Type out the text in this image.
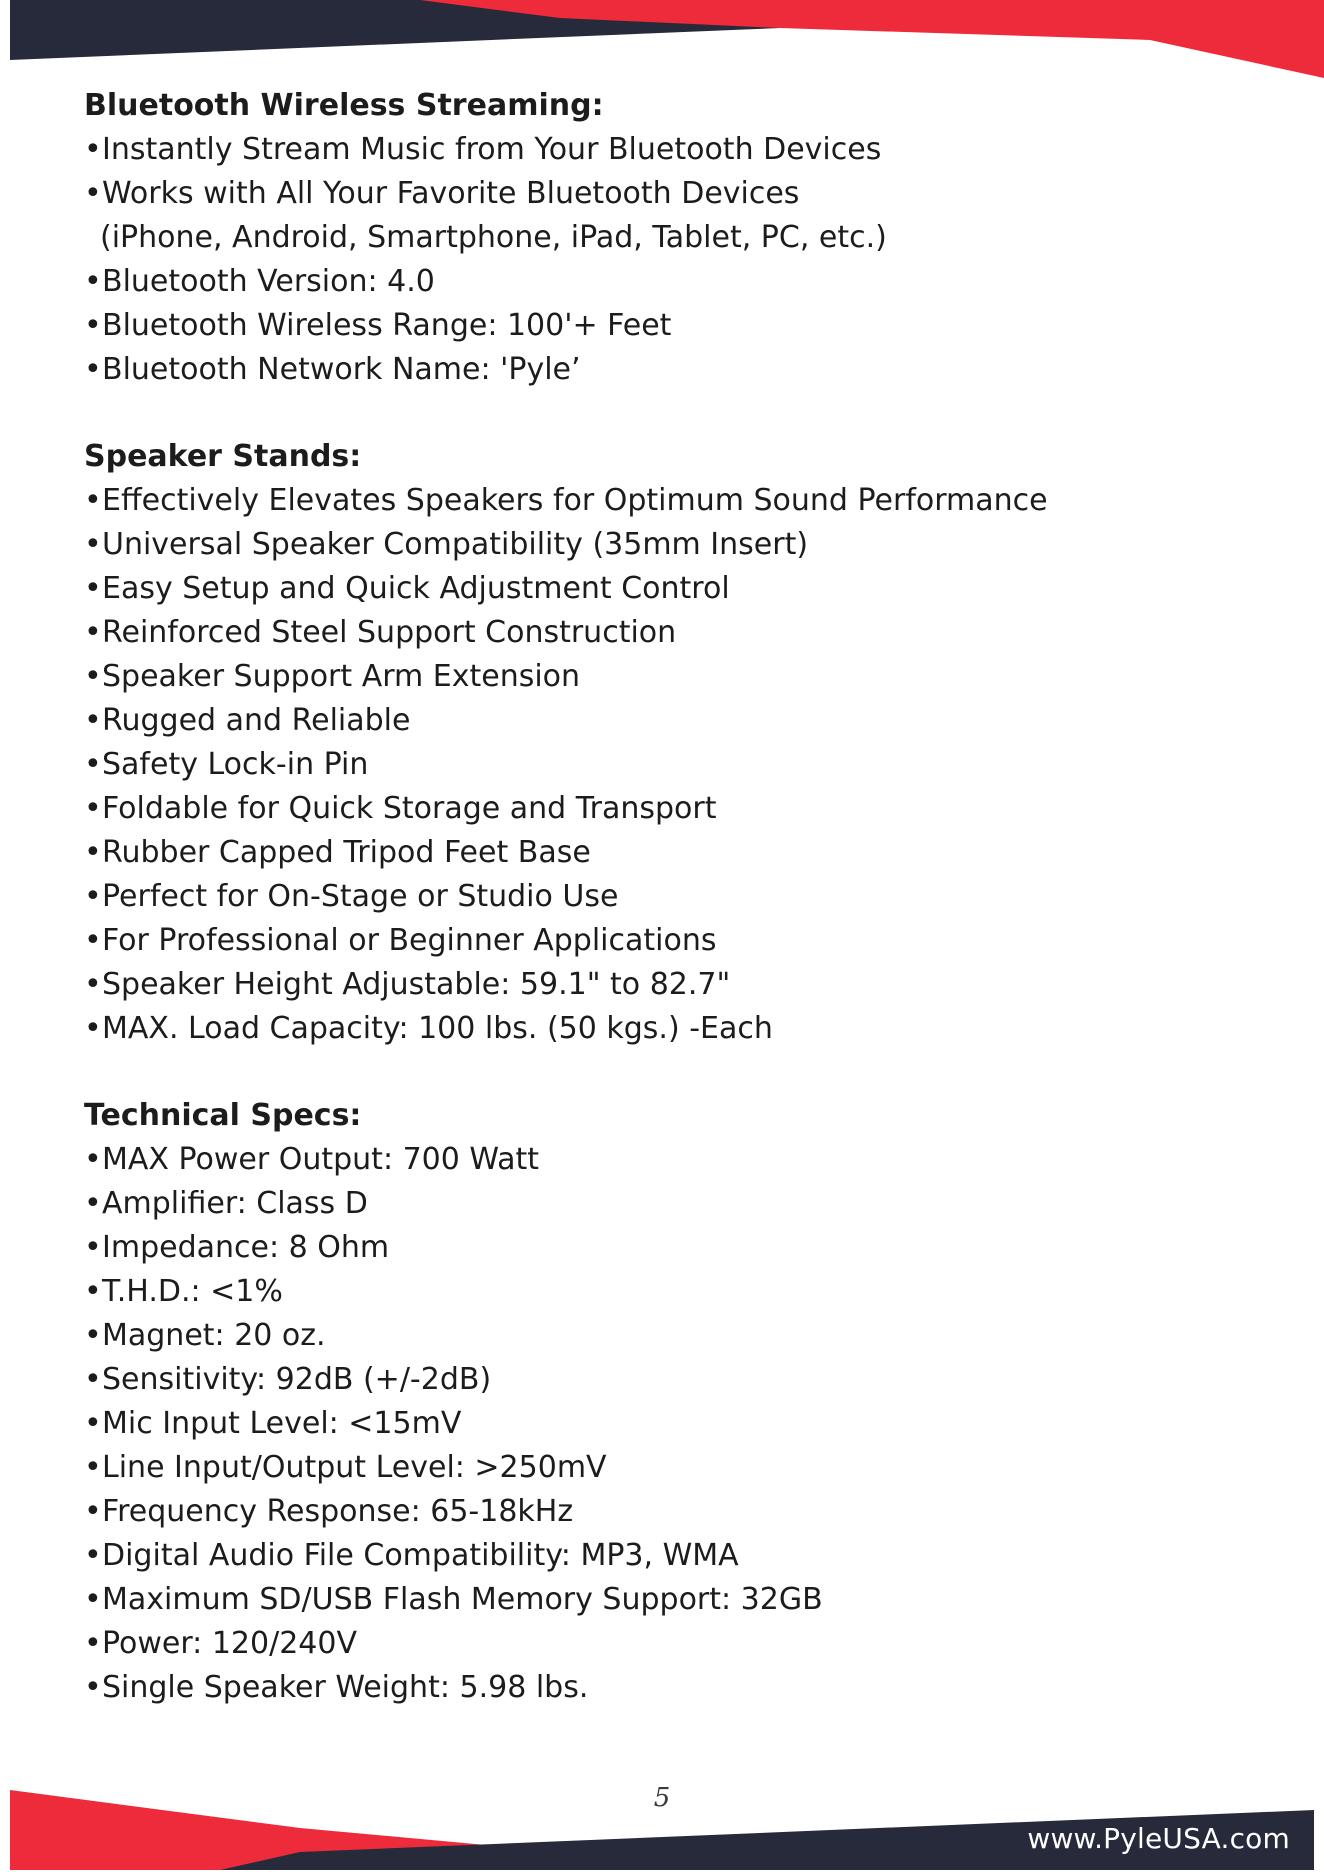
Bluetooth Wireless Streaming:
• Instantly Stream Music from Your Bluetooth Devices
• Works with All Your Favorite Bluetooth Devices
(iPhone, Android, Smartphone, iPad, Tablet, PC, etc.)
• Bluetooth Version: 4.0
• Bluetooth Wireless Range: 100'+ Feet
• Bluetooth Network Name: 'Pyle’
Speaker Stands:
• Effectively Elevates Speakers for Optimum Sound Performance
• Universal Speaker Compatibility (35mm Insert)
• Easy Setup and Quick Adjustment Control
• Reinforced Steel Support Construction
• Speaker Support Arm Extension
• Rugged and Reliable
• Safety Lock-in Pin
• Foldable for Quick Storage and Transport
• Rubber Capped Tripod Feet Base
• Perfect for On-Stage or Studio Use
• For Professional or Beginner Applications
• Speaker Height Adjustable: 59.1" to 82.7"
• MAX. Load Capacity: 100 lbs. (50 kgs.) -Each
Technical Specs:
• MAX Power Output: 700 Watt
• Amplifier: Class D
• Impedance: 8 Ohm
• T.H.D.: <1%
• Magnet: 20 oz.
• Sensitivity: 92dB (+/-2dB)
• Mic Input Level: <15mV
• Line Input/Output Level: >250mV
• Frequency Response: 65-18kHz
• Digital Audio File Compatibility: MP3, WMA
• Maximum SD/USB Flash Memory Support: 32GB
• Power: 120/240V
• Single Speaker Weight: 5.98 lbs.
5
www.PyleUSA.com
